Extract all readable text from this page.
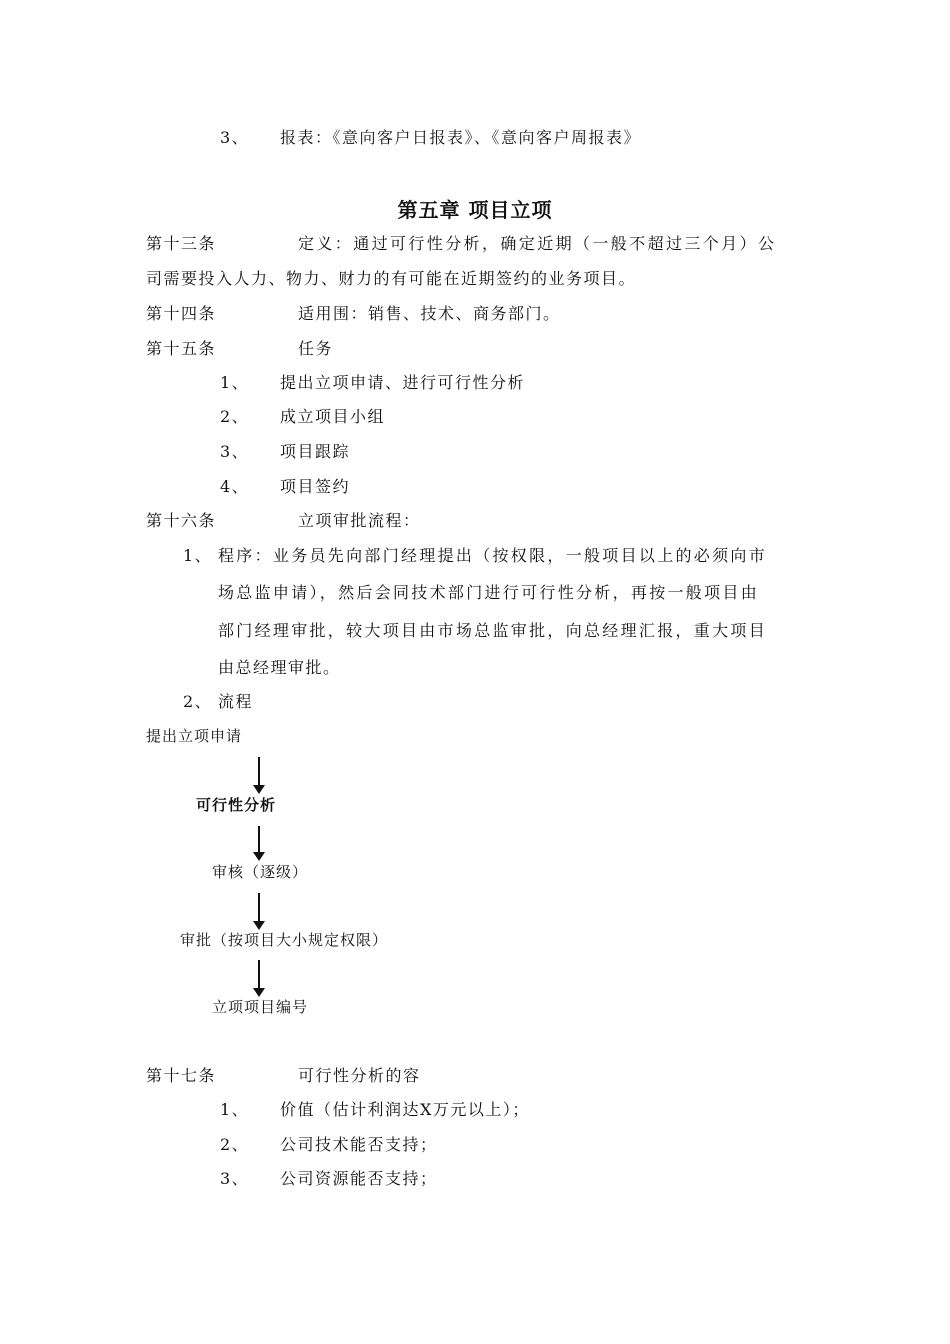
3、 报表：《意向客户日报表》、《意向客户周报表》
第五章 项目立项
第十三条	定义：通过可行性分析，确定近期（一般不超过三个月）公
司需要投入人力、物力、财力的有可能在近期签约的业务项目。
第十四条	适用围：销售、技术、商务部门。
第十五条	任务
1、 提出立项申请、进行可行性分析
2、 成立项目小组
3、 项目跟踪
4、 项目签约
第十六条	立项审批流程：
1、 程序：业务员先向部门经理提出（按权限，一般项目以上的必须向市
场总监申请），然后会同技术部门进行可行性分析，再按一般项目由
部门经理审批，较大项目由市场总监审批，向总经理汇报，重大项目
由总经理审批。
2、 流程
提出立项申请
可行性分析
审核（逐级）
审批（按项目大小规定权限）
立项项目编号
第十七条	可行性分析的容
1、 价值（估计利润达X万元以上）；
2、 公司技术能否支持；
3、 公司资源能否支持；
